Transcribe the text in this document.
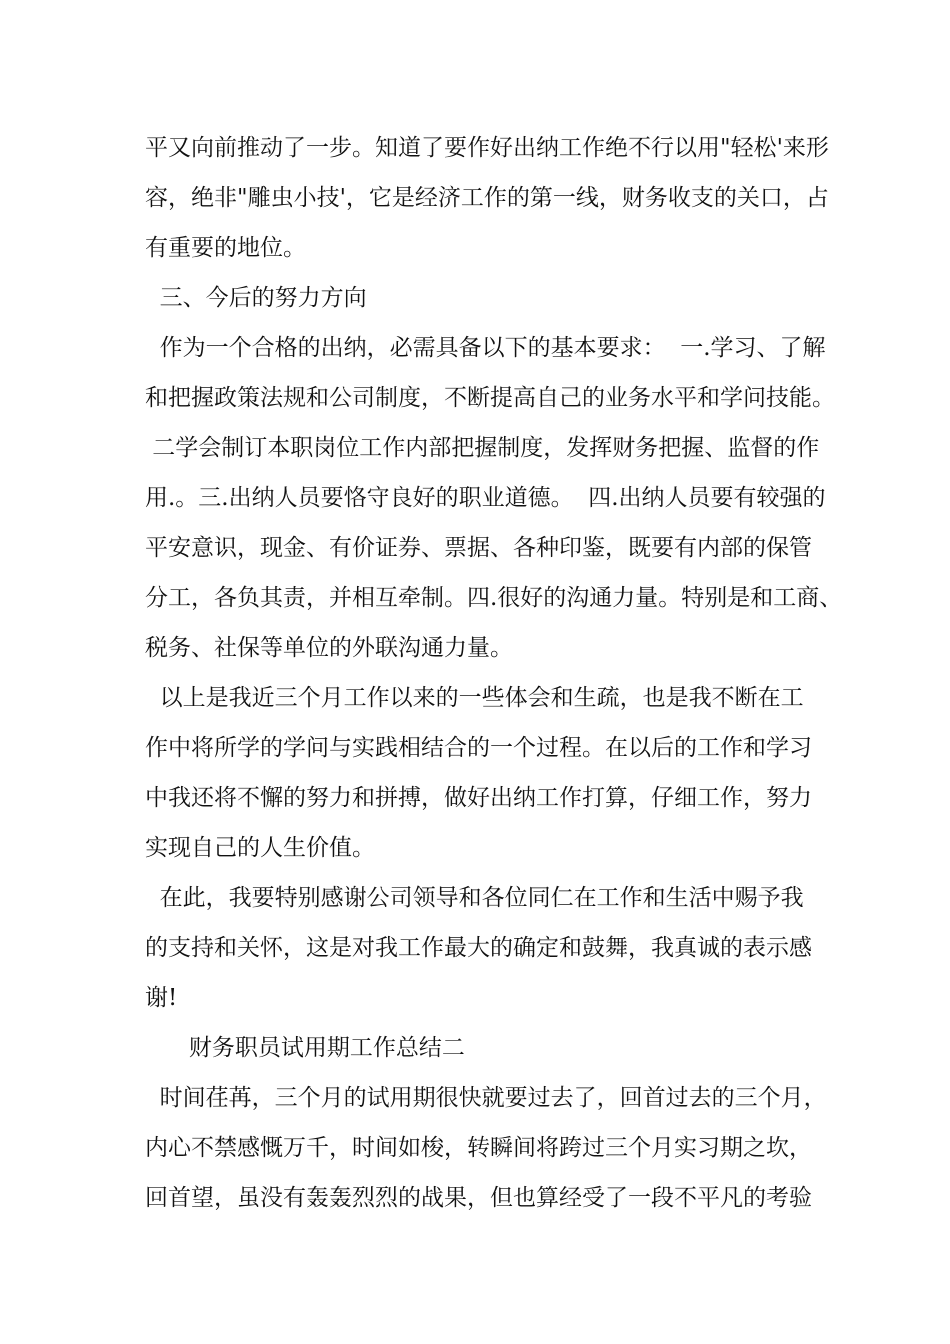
平又向前推动了一步。知道了要作好出纳工作绝不行以用"轻松'来形
容，绝非"雕虫小技'，它是经济工作的第一线，财务收支的关口，占
有重要的地位。
三、今后的努力方向
作为一个合格的出纳，必需具备以下的基本要求：  一.学习、了解
和把握政策法规和公司制度，不断提高自己的业务水平和学问技能。
二学会制订本职岗位工作内部把握制度，发挥财务把握、监督的作
用.。三.出纳人员要恪守良好的职业道德。  四.出纳人员要有较强的
平安意识，现金、有价证券、票据、各种印鉴，既要有内部的保管
分工，各负其责，并相互牵制。四.很好的沟通力量。特别是和工商、
税务、社保等单位的外联沟通力量。
以上是我近三个月工作以来的一些体会和生疏，也是我不断在工
作中将所学的学问与实践相结合的一个过程。在以后的工作和学习
中我还将不懈的努力和拼搏，做好出纳工作打算，仔细工作，努力
实现自己的人生价值。
在此，我要特别感谢公司领导和各位同仁在工作和生活中赐予我
的支持和关怀，这是对我工作最大的确定和鼓舞，我真诚的表示感
谢!
财务职员试用期工作总结二
时间荏苒，三个月的试用期很快就要过去了，回首过去的三个月，
内心不禁感慨万千，时间如梭，转瞬间将跨过三个月实习期之坎，
回首望，虽没有轰轰烈烈的战果，但也算经受了一段不平凡的考验
